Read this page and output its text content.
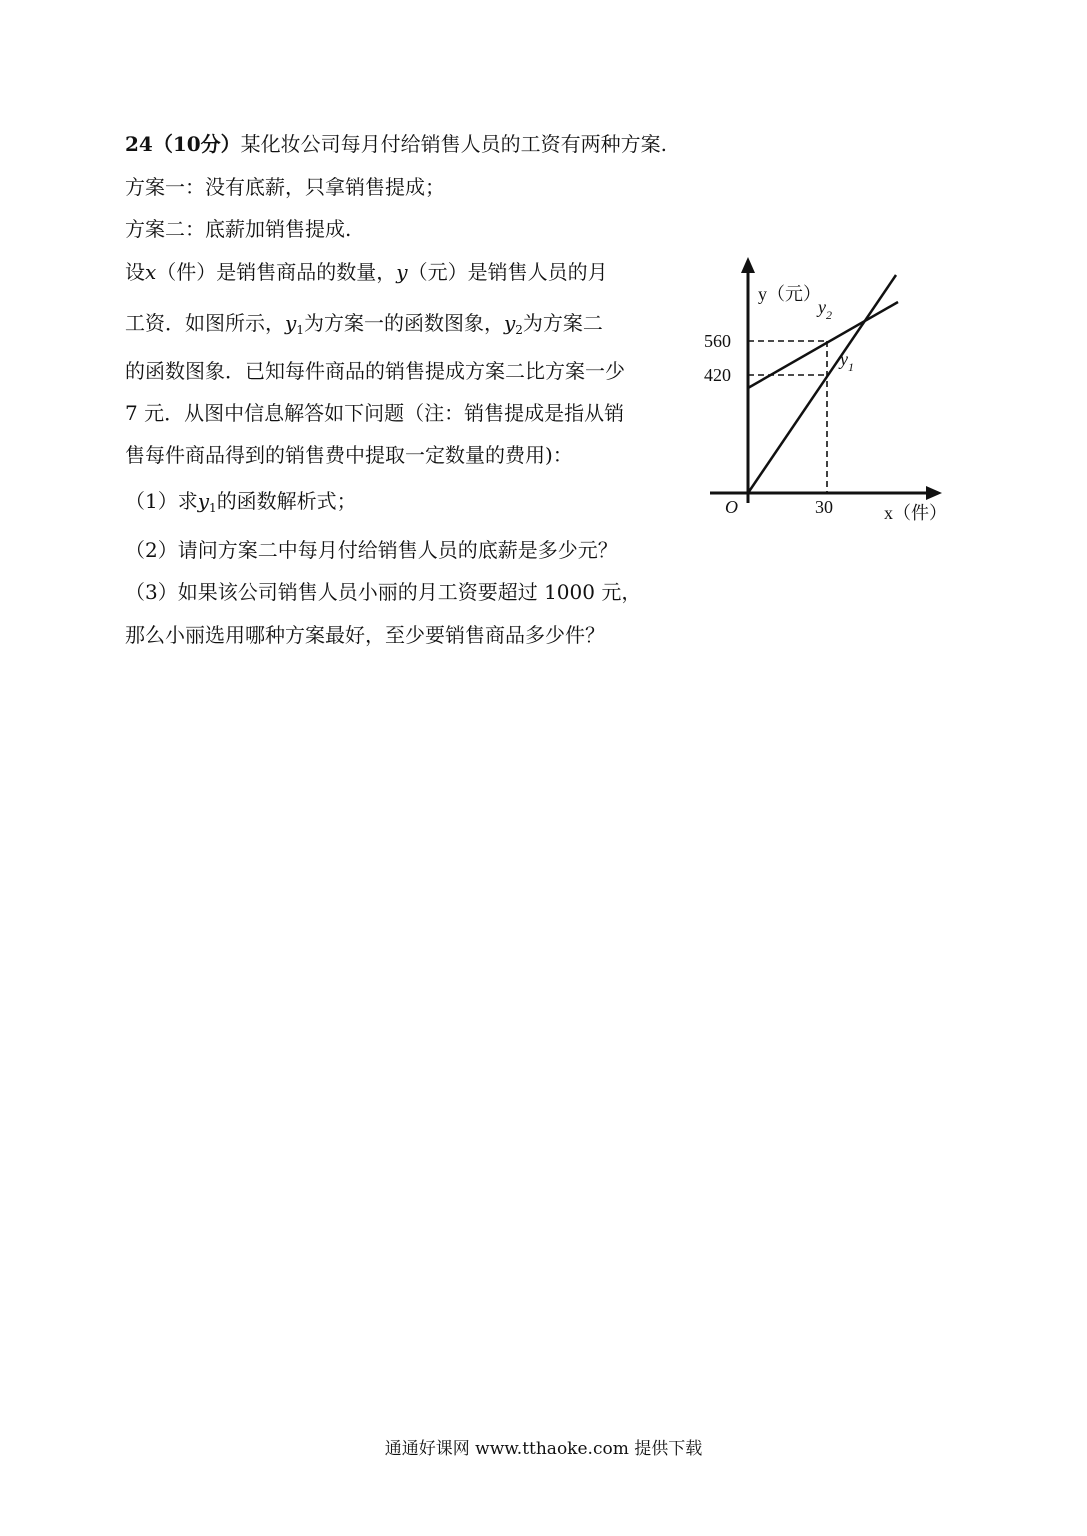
24（10分）某化妆公司每月付给销售人员的工资有两种方案.
方案一：没有底薪，只拿销售提成；
方案二：底薪加销售提成.
设x（件）是销售商品的数量，y（元）是销售人员的月
工资．如图所示，$y_1$为方案一的函数图象，$y_2$为方案二
的函数图象．已知每件商品的销售提成方案二比方案一少
7 元．从图中信息解答如下问题（注：销售提成是指从销
售每件商品得到的销售费中提取一定数量的费用)：
（1）求$y_1$的函数解析式；
（2）请问方案二中每月付给销售人员的底薪是多少元？
（3）如果该公司销售人员小丽的月工资要超过 1000 元，
那么小丽选用哪种方案最好，至少要销售商品多少件？
y（元）
560
420
O	30	x（件）
$y_2$
$y_1$
通通好课网 www.tthaoke.com 提供下载
